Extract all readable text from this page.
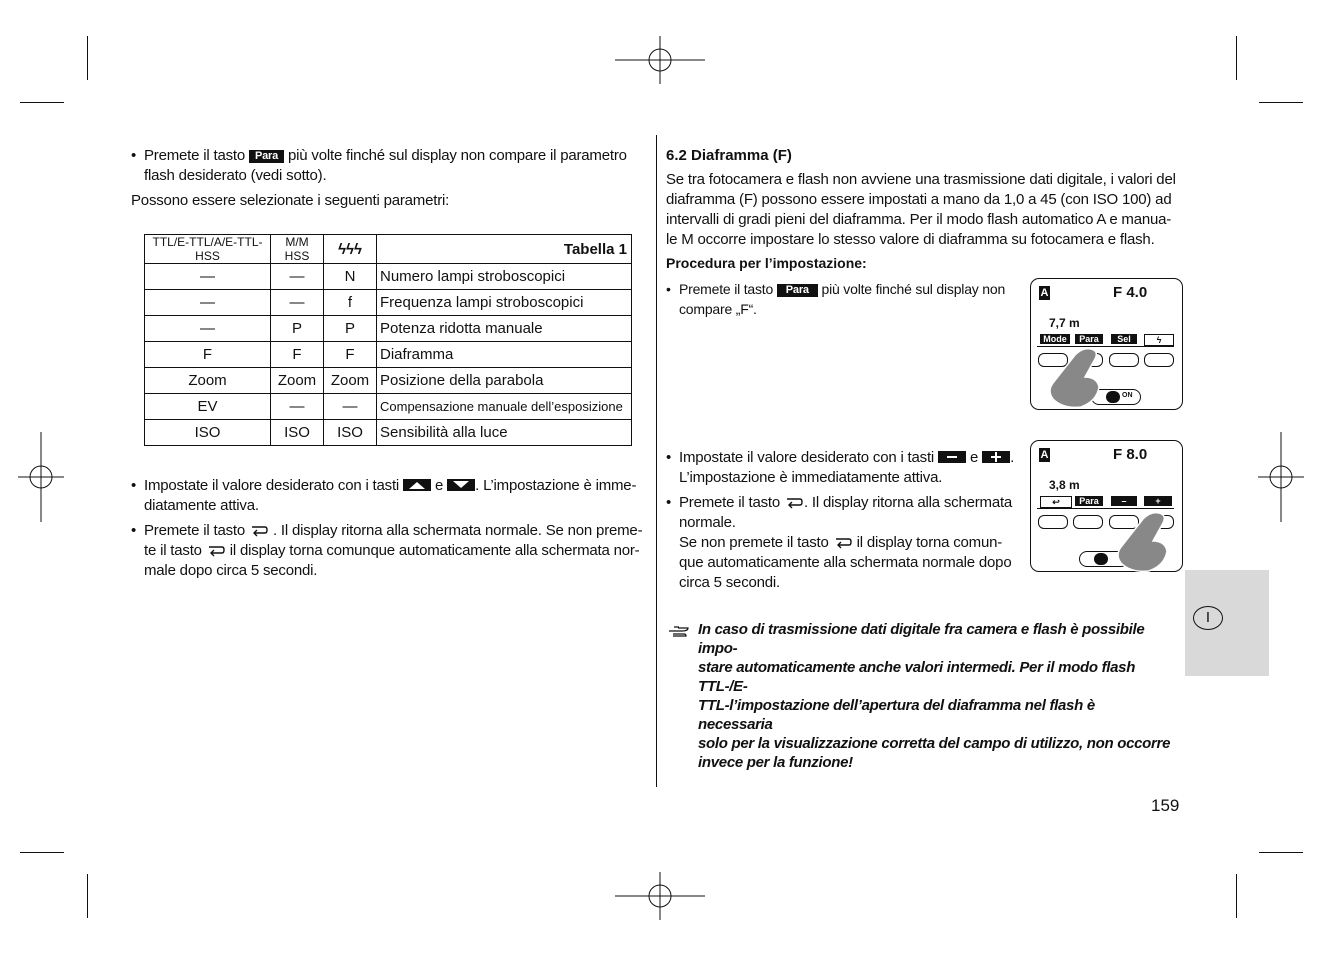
• Premete il tasto Para più volte finché sul display non compare il parametro
flash desiderato (vedi sotto).
Possono essere selezionate i seguenti parametri:
TTL/E-TTL/A/E-TTL-HSS	M/M HSS	ϟϟϟ	Tabella 1
—	—	N	Numero lampi stroboscopici
—	—	f	Frequenza lampi stroboscopici
—	P	P	Potenza ridotta manuale
F	F	F	Diaframma
Zoom	Zoom	Zoom	Posizione della parabola
EV	—	—	Compensazione manuale dell’esposizione
ISO	ISO	ISO	Sensibilità alla luce
• Impostate il valore desiderato con i tasti e . L’impostazione è imme-
diatamente attiva.
• Premete il tasto . Il display ritorna alla schermata normale. Se non preme-
te il tasto il display torna comunque automaticamente alla schermata nor-
male dopo circa 5 secondi.
6.2 Diaframma (F)
Se tra fotocamera e flash non avviene una trasmissione dati digitale, i valori del
diaframma (F) possono essere impostati a mano da 1,0 a 45 (con ISO 100) ad
intervalli di gradi pieni del diaframma. Per il modo flash automatico A e manua-
le M occorre impostare lo stesso valore di diaframma su fotocamera e flash.
Procedura per l’impostazione:
• Premete il tasto Para più volte finché sul display non
compare „F“.
• Impostate il valore desiderato con i tasti e .
L’impostazione è immediatamente attiva.
• Premete il tasto . Il display ritorna alla schermata
normale.
Se non premete il tasto il display torna comun-
que automaticamente alla schermata normale dopo
circa 5 secondi.
A	F 4.0
7,7 m
Mode	Para	Sel	ϟ
ON
A	F 8.0
3,8 m
↩	Para	–	+
In caso di trasmissione dati digitale fra camera e flash è possibile impo-
stare automaticamente anche valori intermedi. Per il modo flash TTL-/E-
TTL-l’impostazione dell’apertura del diaframma nel flash è necessaria
solo per la visualizzazione corretta del campo di utilizzo, non occorre
invece per la funzione!
I
159
